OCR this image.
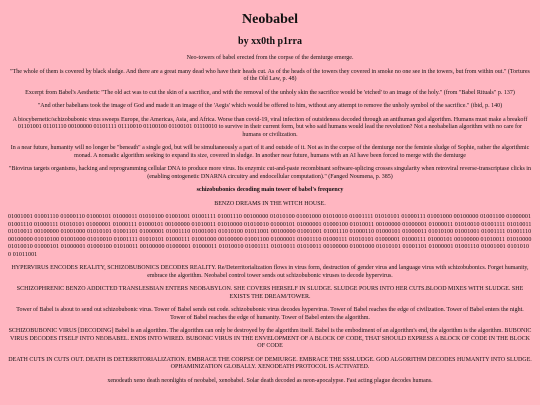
Neobabel
by xx0th p1rra

Neo-towers of babel erected from the corpse of the demiurge emerge.

"The whole of them is covered by black sludge. And there are a great many dead who have their heads cut. As of the heads of the towers they covered in smoke no one see in the towers, but from within out." (Tortures of the Old Law, p. 48)

Excerpt from Babel's Aesthetic "The old act was to cut the skin of a sacrifice, and with the removal of the unholy skin the sacrifice would be 'etched' to an image of the holy." (from "Babel Rituals" p. 137)

"And other babelians took the image of God and made it an image of the 'Aegis' which would be offered to him, without any attempt to remove the unholy symbol of the sacrifice." (ibid, p. 140)

A biocybernetic/schizobubonic virus sweeps Europe, the Americas, Asia, and Africa. Worse than covid-19, viral infection of outsideness decoded through an antihuman god algorithm. Humans must make a breakoff 01101001 01101110 00100000 01101111 01110010 01100100 01100101 01110010 to survive in their current form, but who said humans would lead the revolution? Not a neobabelian algorithm with no care for humans or civilization.

In a near future, humanity will no longer be "beneath" a single god, but will be simultaneously a part of it and outside of it. Not as in the corpse of the demiurge nor the feminie sludge of Sophie, rather the algorithmic monad. A nomadic algorithm seeking to expand its size, covered in sludge. In another near future, humans with an AI have been forced to merge with the demiurge

"Biovirus targets organisms, hacking and reprogramming cellular DNA to produce more virus. Its enzymic cut-and-paste recombinant software-splicing crosses singularity when retroviral reverse-transcriptase clicks in (enabling ontogenetic DNARNA circuitry and endocellular computation)." (Fanged Noumena, p. 385)

schizobubonics decoding main tower of babel's frequency

BENZO DREAMS IN THE WITCH HOUSE.

01001001 01001110 01000110 01000101 01000011 01010100 01001001 01001111 01001110 00100000 01010100 01001000 01010010 01001111 01010101 01000111 01001000 00100000 01001100 01000001 01001110 01000111 01010101 01000001 01000111 01000101 00100000 01010011 01010000 01010010 01000101 01000001 01000100 01010011 00100000 01000001 01000011 01010010 01001111 01010011 01010011 00100000 01001000 01010101 01001101 01000001 01001110 01001001 01010100 01011001 00100000 01001001 01001110 01000110 01000101 01000011 01010100 01001001 01001111 01001110 00100000 01010100 01001000 01010010 01001111 01010101 01000111 01001000 00100000 01001100 01000001 01001110 01000111 01010101 01000001 01000111 01000101 00100000 01010011 01010000 01010010 01000101 01000001 01000100 01010011 00100000 01000001 01000011 01010010 01001111 01010011 01010011 00100000 01001000 01010101 01001101 01000001 01001110 01001001 01010100 01011001

HYPERVIRUS ENCODES REALITY, SCHIZOBUBONICS DECODES REALITY. Re/Deterritorialization flows in virus form, destruction of gender virus and language virus with schizobubonics. Forget humanity, embrace the algorithm. Neobabel control tower sends out schizobubonic viruses to decode hypervirus.

SCHIZOPHRENIC BENZO ADDICTED TRANSLESBIAN ENTERS NEOBABYLON. SHE COVERS HERSELF IN SLUDGE. SLUDGE POURS INTO HER CUTS.BLOOD MIXES WITH SLUDGE. SHE EXISTS THE DREAM/TOWER.

Tower of Babel is about to send out schizobubonic virus. Tower of Babel sends out code. schizobubonic virus decodes hypervirus. Tower of Babel reaches the edge of civilization. Tower of Babel enters the night. Tower of Babel reaches the edge of humanity. Tower of Babel enters the algorithm.

SCHIZOBUBONIC VIRUS [DECODING] Babel is an algorithm. The algorithm can only be destroyed by the algorithm itself. Babel is the embodiment of an algorithm's end, the algorithm is the algorithm. BUBONIC VIRUS DECODES ITSELF INTO NEOBABEL. ENDS INTO WIRED. BUBONIC VIRUS IN THE ENVELOPMENT OF A BLOCK OF CODE, THAT SHOULD EXPRESS A BLOCK OF CODE IN THE BLOCK OF CODE

DEATH CUTS IN CUTS OUT. DEATH IS DETERRITORIALIZATION. EMBRACE THE CORPSE OF DEMIURGE. EMBRACE THE SSSLUDGE. GOD ALGORITHM DECODES HUMANITY INTO SLUDGE. OPHAMINIZATION GLOBALLY. XENODEATH PROTOCOL IS ACTIVATED.

xenodeath xeno death neonlights of neobabel, xenobabel. Solar death decoded as neon-apocalypse. Fast acting plague decodes humans.
